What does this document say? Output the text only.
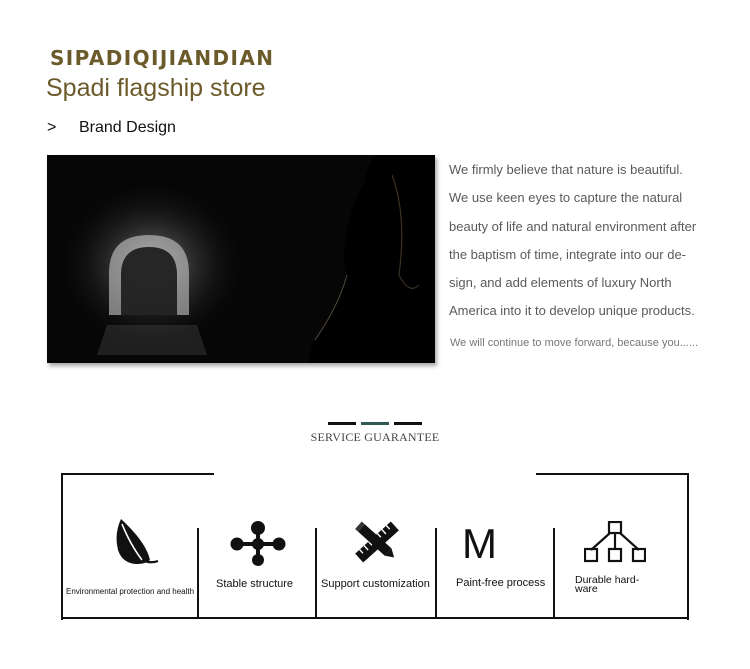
SIPADIQIJIANDIAN
Spadi flagship store
> Brand Design
We firmly believe that nature is beautiful.
We use keen eyes to capture the natural
beauty of life and natural environment after
the baptism of time, integrate into our de-
sign, and add elements of luxury North
America into it to develop unique products.
We will continue to move forward, because you......
SERVICE GUARANTEE
M
Environmental protection and health
Stable structure	Support customization Paint-free process	Durable hard-
ware
